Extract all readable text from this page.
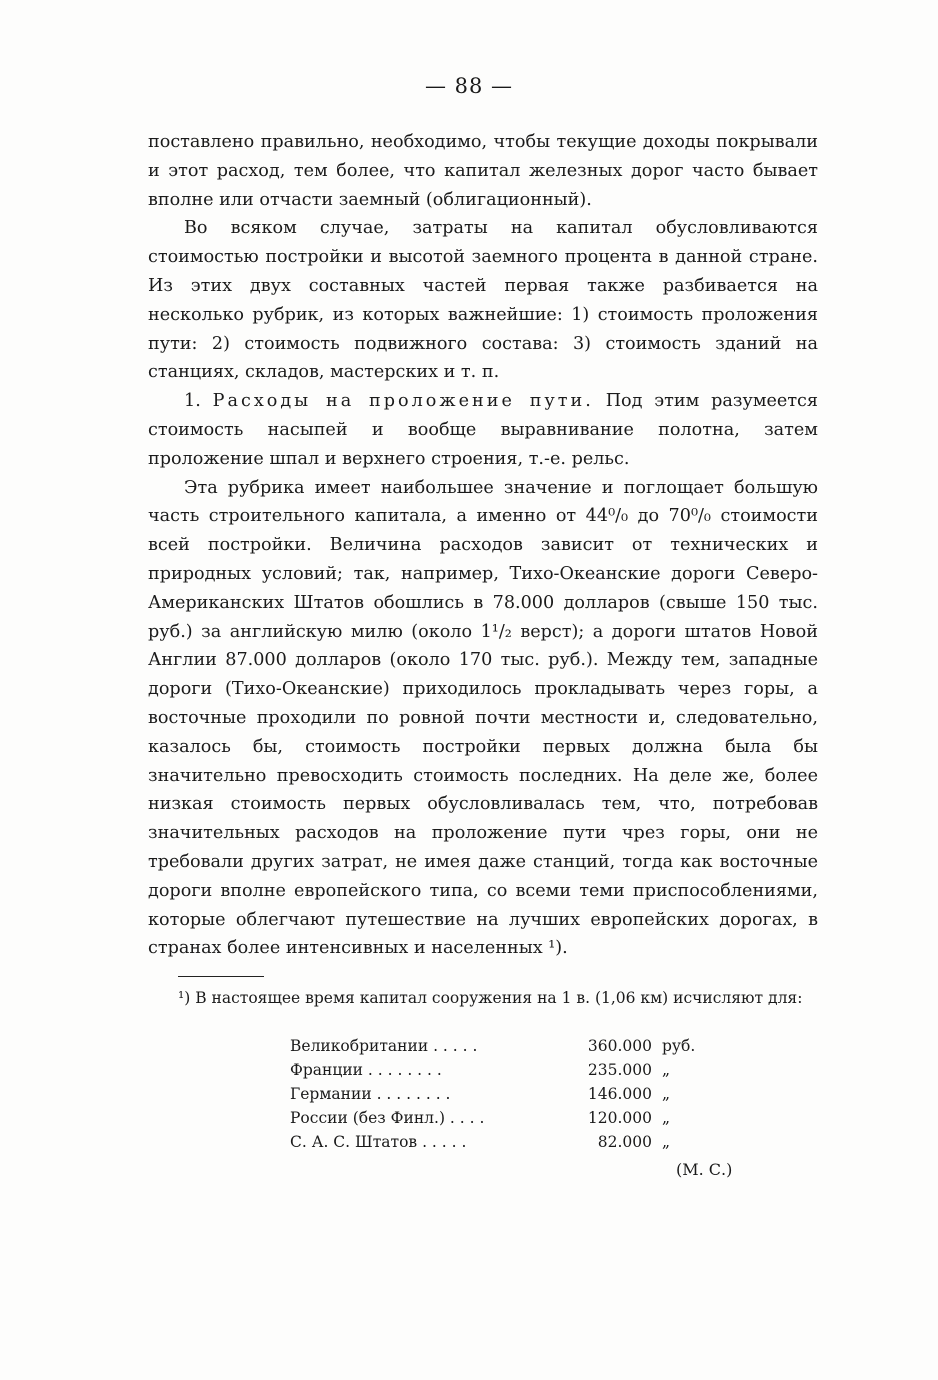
— 88 —

поставлено правильно, необходимо, чтобы текущие доходы покрывали и этот расход, тем более, что капитал железных дорог часто бывает вполне или отчасти заемный (облигационный).

Во всяком случае, затраты на капитал обусловливаются стоимостью постройки и высотой заемного процента в данной стране. Из этих двух составных частей первая также разбивается на несколько рубрик, из которых важнейшие: 1) стоимость проложения пути: 2) стоимость подвижного состава: 3) стоимость зданий на станциях, складов, мастерских и т. п.

1. Расходы на проложение пути. Под этим разумеется стоимость насыпей и вообще выравнивание полотна, затем проложение шпал и верхнего строения, т.-е. рельс.

Эта рубрика имеет наибольшее значение и поглощает большую часть строительного капитала, а именно от 44⁰/₀ до 70⁰/₀ стоимости всей постройки. Величина расходов зависит от технических и природных условий; так, например, Тихо-Океанские дороги Северо-Американских Штатов обошлись в 78.000 долларов (свыше 150 тыс. руб.) за английскую милю (около 1¹/₂ верст); а дороги штатов Новой Англии 87.000 долларов (около 170 тыс. руб.). Между тем, западные дороги (Тихо-Океанские) приходилось прокладывать через горы, а восточные проходили по ровной почти местности и, следовательно, казалось бы, стоимость постройки первых должна была бы значительно превосходить стоимость последних. На деле же, более низкая стоимость первых обусловливалась тем, что, потребовав значительных расходов на проложение пути чрез горы, они не требовали других затрат, не имея даже станций, тогда как восточные дороги вполне европейского типа, со всеми теми приспособлениями, которые облегчают путешествие на лучших европейских дорогах, в странах более интенсивных и населенных ¹).

¹) В настоящее время капитал сооружения на 1 в. (1,06 км) исчисляют для:

Великобритании . . . . .	360.000	руб.
Франции . . . . . . . .	235.000	„
Германии . . . . . . . .	146.000	„
России (без Финл.) . . . .	120.000	„
С. А. С. Штатов . . . . .	82.000	„
(М. С.)
